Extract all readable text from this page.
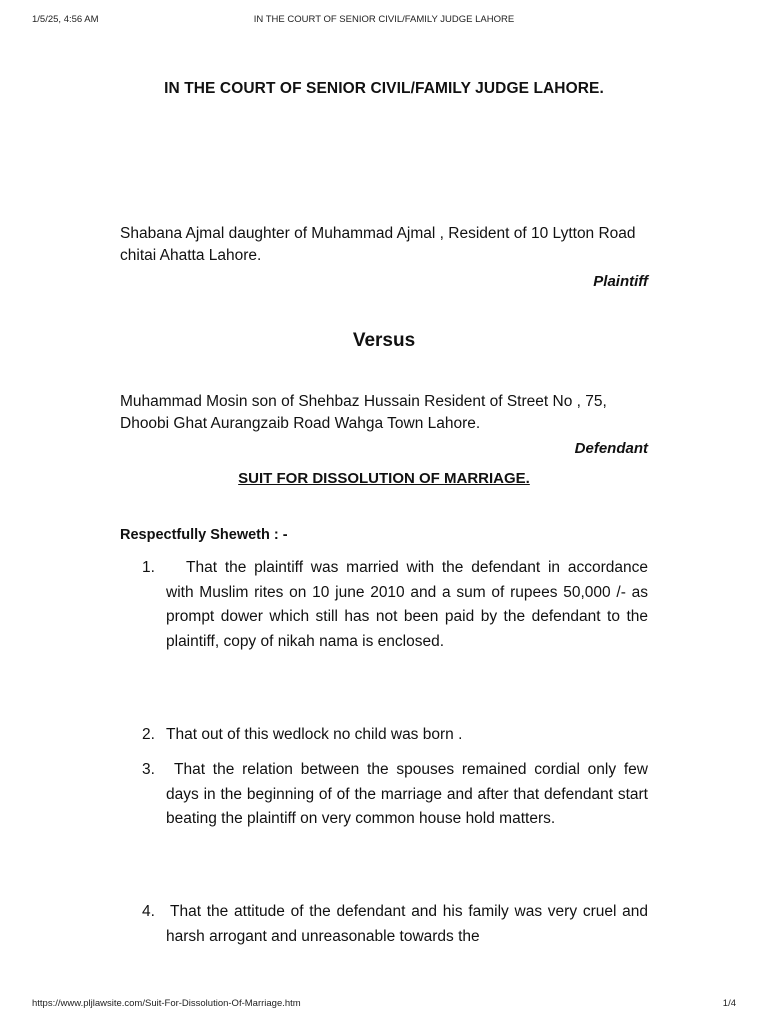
1/5/25, 4:56 AM	IN THE COURT OF SENIOR CIVIL/FAMILY JUDGE LAHORE
IN THE COURT OF SENIOR CIVIL/FAMILY JUDGE LAHORE.
Shabana Ajmal daughter of Muhammad Ajmal , Resident of 10 Lytton Road chitai Ahatta Lahore.
Plaintiff
Versus
Muhammad Mosin son of Shehbaz Hussain Resident of Street No , 75, Dhoobi Ghat Aurangzaib Road Wahga Town Lahore.
Defendant
SUIT FOR DISSOLUTION OF MARRIAGE.
Respectfully Sheweth : -
1.	That the plaintiff was married with the defendant in accordance with Muslim rites on 10 june 2010 and a sum of rupees 50,000 /- as prompt dower which still has not been paid by the defendant to the plaintiff, copy of nikah nama is enclosed.
2. That out of this wedlock no child was born .
3.	That the relation between the spouses remained cordial only few days in the beginning of of the marriage and after that defendant start beating the plaintiff on very common house hold matters.
4. That the attitude of the defendant and his family was very cruel and harsh arrogant and unreasonable towards the
https://www.pljlawsite.com/Suit-For-Dissolution-Of-Marriage.htm	1/4
